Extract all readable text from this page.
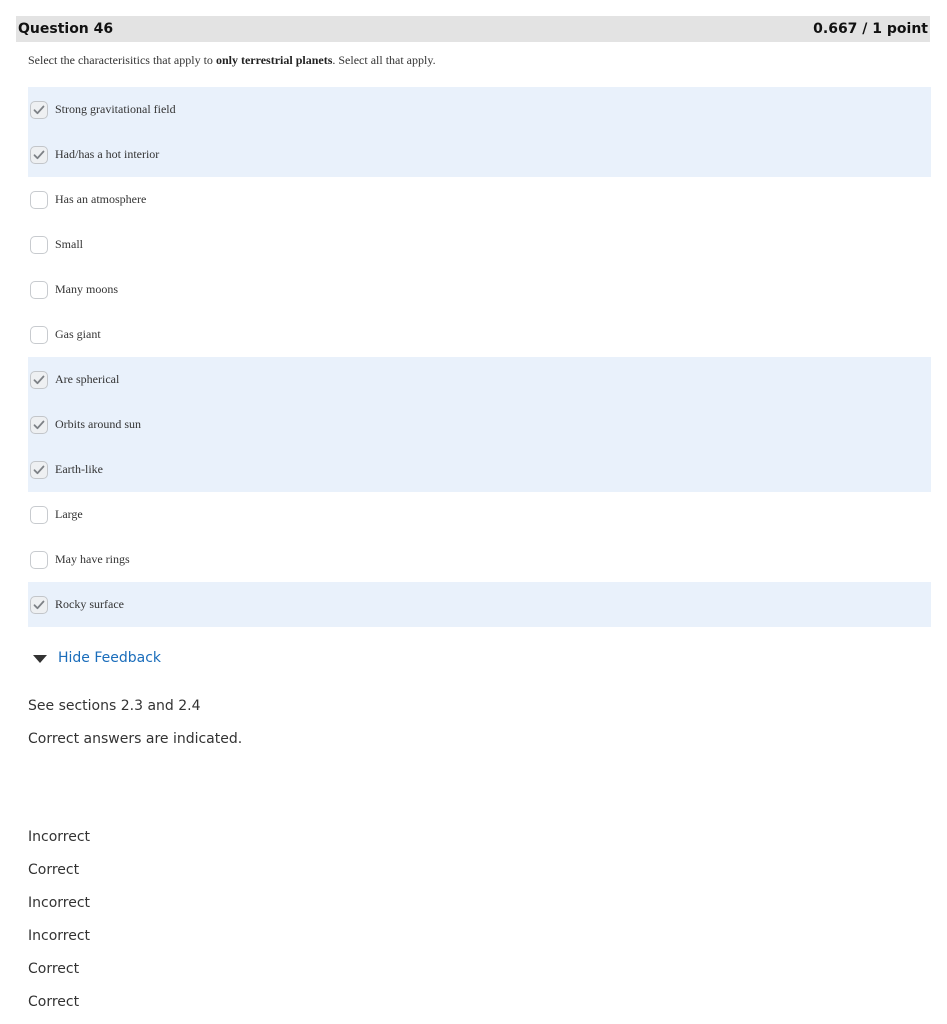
Question 46	0.667 / 1 point
Select the characterisitics that apply to only terrestrial planets. Select all that apply.
Strong gravitational field
Had/has a hot interior
Has an atmosphere
Small
Many moons
Gas giant
Are spherical
Orbits around sun
Earth-like
Large
May have rings
Rocky surface
Hide Feedback
See sections 2.3 and 2.4
Correct answers are indicated.
Incorrect
Correct
Incorrect
Incorrect
Correct
Correct
